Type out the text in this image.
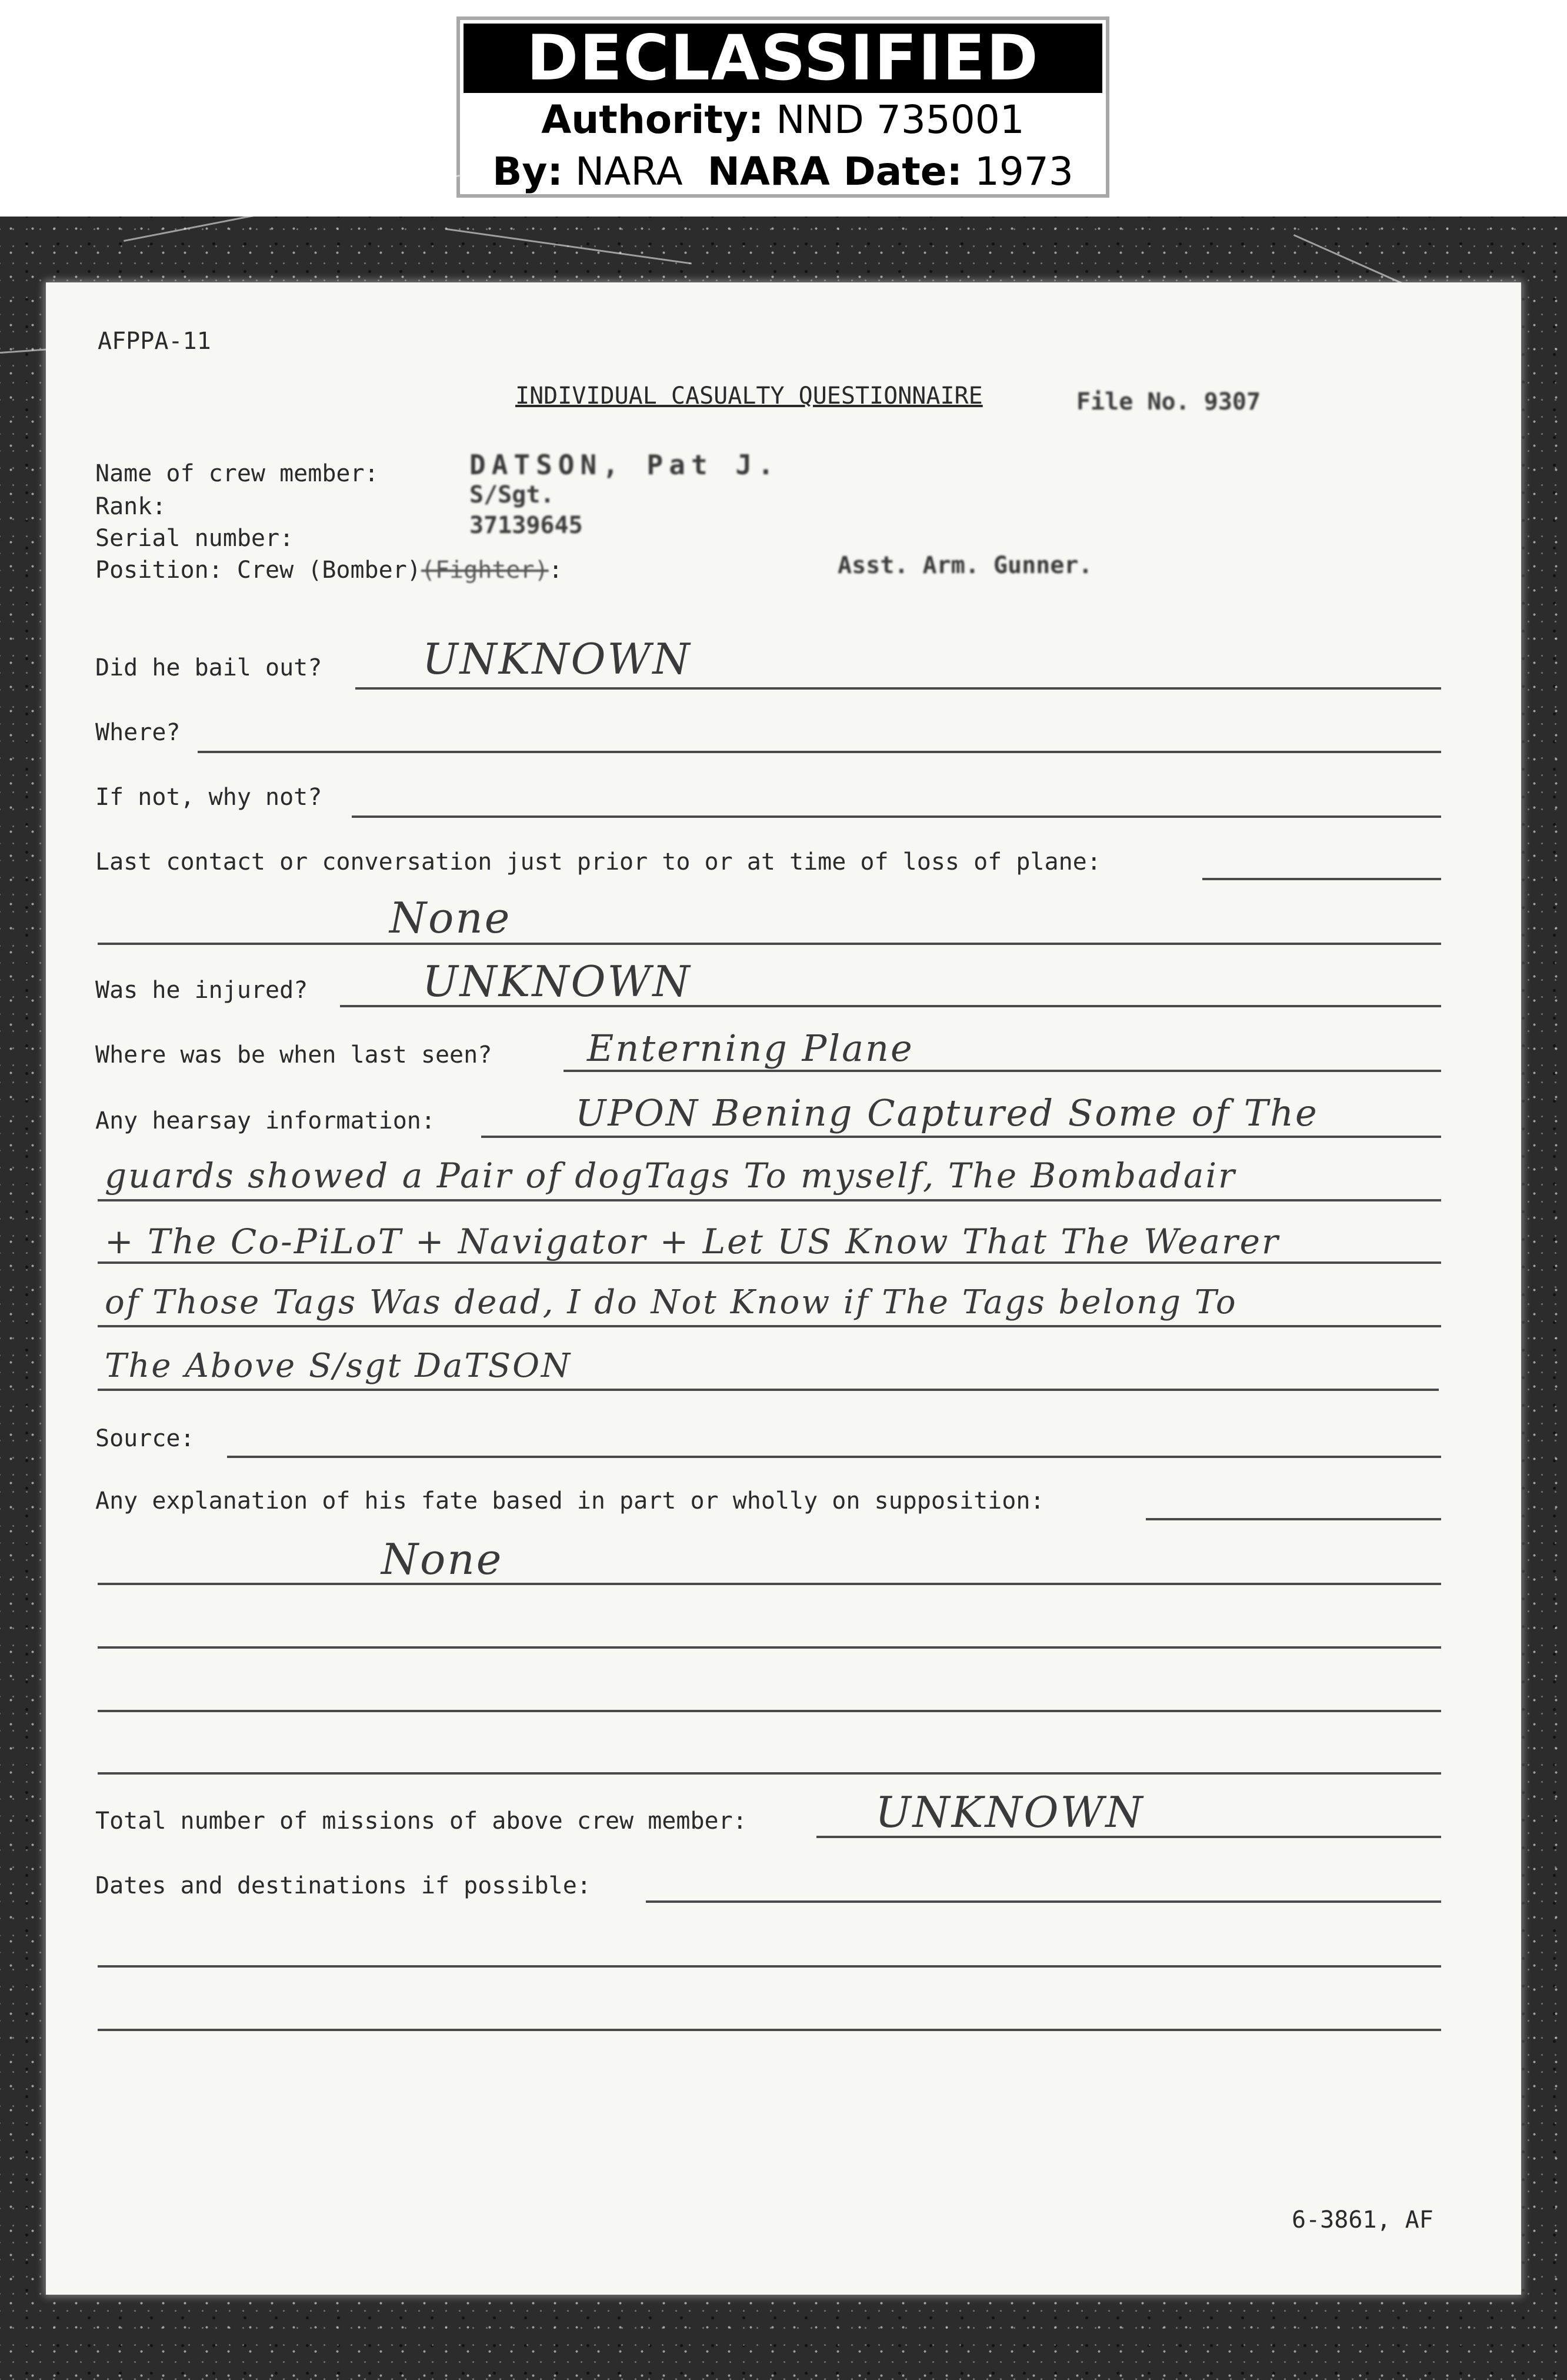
DECLASSIFIED
Authority: NND 735001
By: NARA NARA Date: 1973
AFPPA-11
INDIVIDUAL CASUALTY QUESTIONNAIRE	File No. 9307
Name of crew member:	DATSON, Pat J.
Rank:	S/Sgt.
Serial number:	37139645
Position: Crew (Bomber)(Fighter):	Asst. Arm. Gunner.
Did he bail out? UNKNOWN
Where?
If not, why not?
Last contact or conversation just prior to or at time of loss of plane:
None
Was he injured?	UNKNOWN
Where was be when last seen?	Enterning Plane
Any hearsay information:	UPON Bening Captured Some of The
guards showed a Pair of dogTags To myself, The Bombadair
+ The Co-PiLoT + Navigator + Let US Know That The Wearer
of Those Tags Was dead, I do Not Know if The Tags belong To
The Above S/sgt DaTSON
Source:
Any explanation of his fate based in part or wholly on supposition:
None
Total number of missions of above crew member:	UNKNOWN
Dates and destinations if possible:
6-3861, AF
